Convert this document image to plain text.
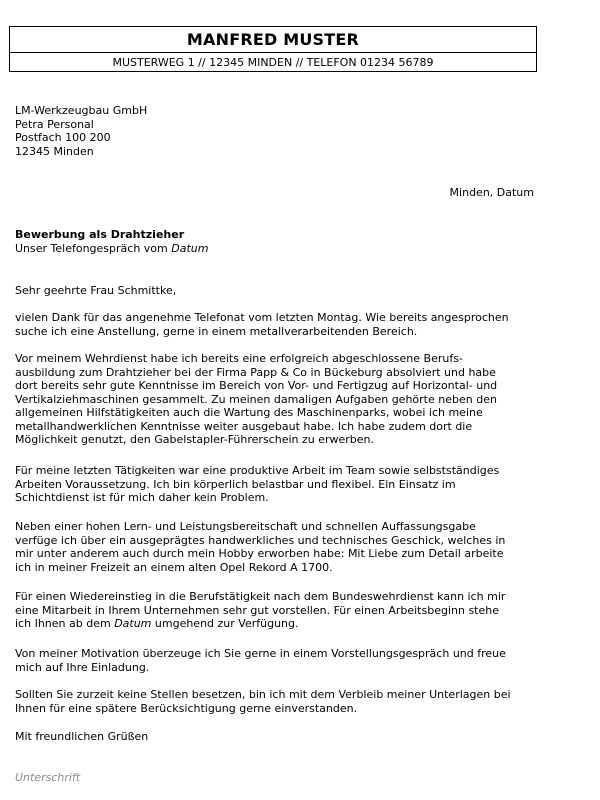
MANFRED MUSTER
MUSTERWEG 1 // 12345 MINDEN // TELEFON 01234 56789
LM-Werkzeugbau GmbH
Petra Personal
Postfach 100 200
12345 Minden
Minden, Datum
Bewerbung als Drahtzieher
Unser Telefongespräch vom Datum
Sehr geehrte Frau Schmittke,
vielen Dank für das angenehme Telefonat vom letzten Montag. Wie bereits angesprochen
suche ich eine Anstellung, gerne in einem metallverarbeitenden Bereich.
Vor meinem Wehrdienst habe ich bereits eine erfolgreich abgeschlossene Berufs-
ausbildung zum Drahtzieher bei der Firma Papp & Co in Bückeburg absolviert und habe
dort bereits sehr gute Kenntnisse im Bereich von Vor- und Fertigzug auf Horizontal- und
Vertikalziehmaschinen gesammelt. Zu meinen damaligen Aufgaben gehörte neben den
allgemeinen Hilfstätigkeiten auch die Wartung des Maschinenparks, wobei ich meine
metallhandwerklichen Kenntnisse weiter ausgebaut habe. Ich habe zudem dort die
Möglichkeit genutzt, den Gabelstapler-Führerschein zu erwerben.
Für meine letzten Tätigkeiten war eine produktive Arbeit im Team sowie selbstständiges
Arbeiten Voraussetzung. Ich bin körperlich belastbar und flexibel. Ein Einsatz im
Schichtdienst ist für mich daher kein Problem.
Neben einer hohen Lern- und Leistungsbereitschaft und schnellen Auffassungsgabe
verfüge ich über ein ausgeprägtes handwerkliches und technisches Geschick, welches in
mir unter anderem auch durch mein Hobby erworben habe: Mit Liebe zum Detail arbeite
ich in meiner Freizeit an einem alten Opel Rekord A 1700.
Für einen Wiedereinstieg in die Berufstätigkeit nach dem Bundeswehrdienst kann ich mir
eine Mitarbeit in Ihrem Unternehmen sehr gut vorstellen. Für einen Arbeitsbeginn stehe
ich Ihnen ab dem Datum umgehend zur Verfügung.
Von meiner Motivation überzeuge ich Sie gerne in einem Vorstellungsgespräch und freue
mich auf Ihre Einladung.
Sollten Sie zurzeit keine Stellen besetzen, bin ich mit dem Verbleib meiner Unterlagen bei
Ihnen für eine spätere Berücksichtigung gerne einverstanden.
Mit freundlichen Grüßen
Unterschrift
